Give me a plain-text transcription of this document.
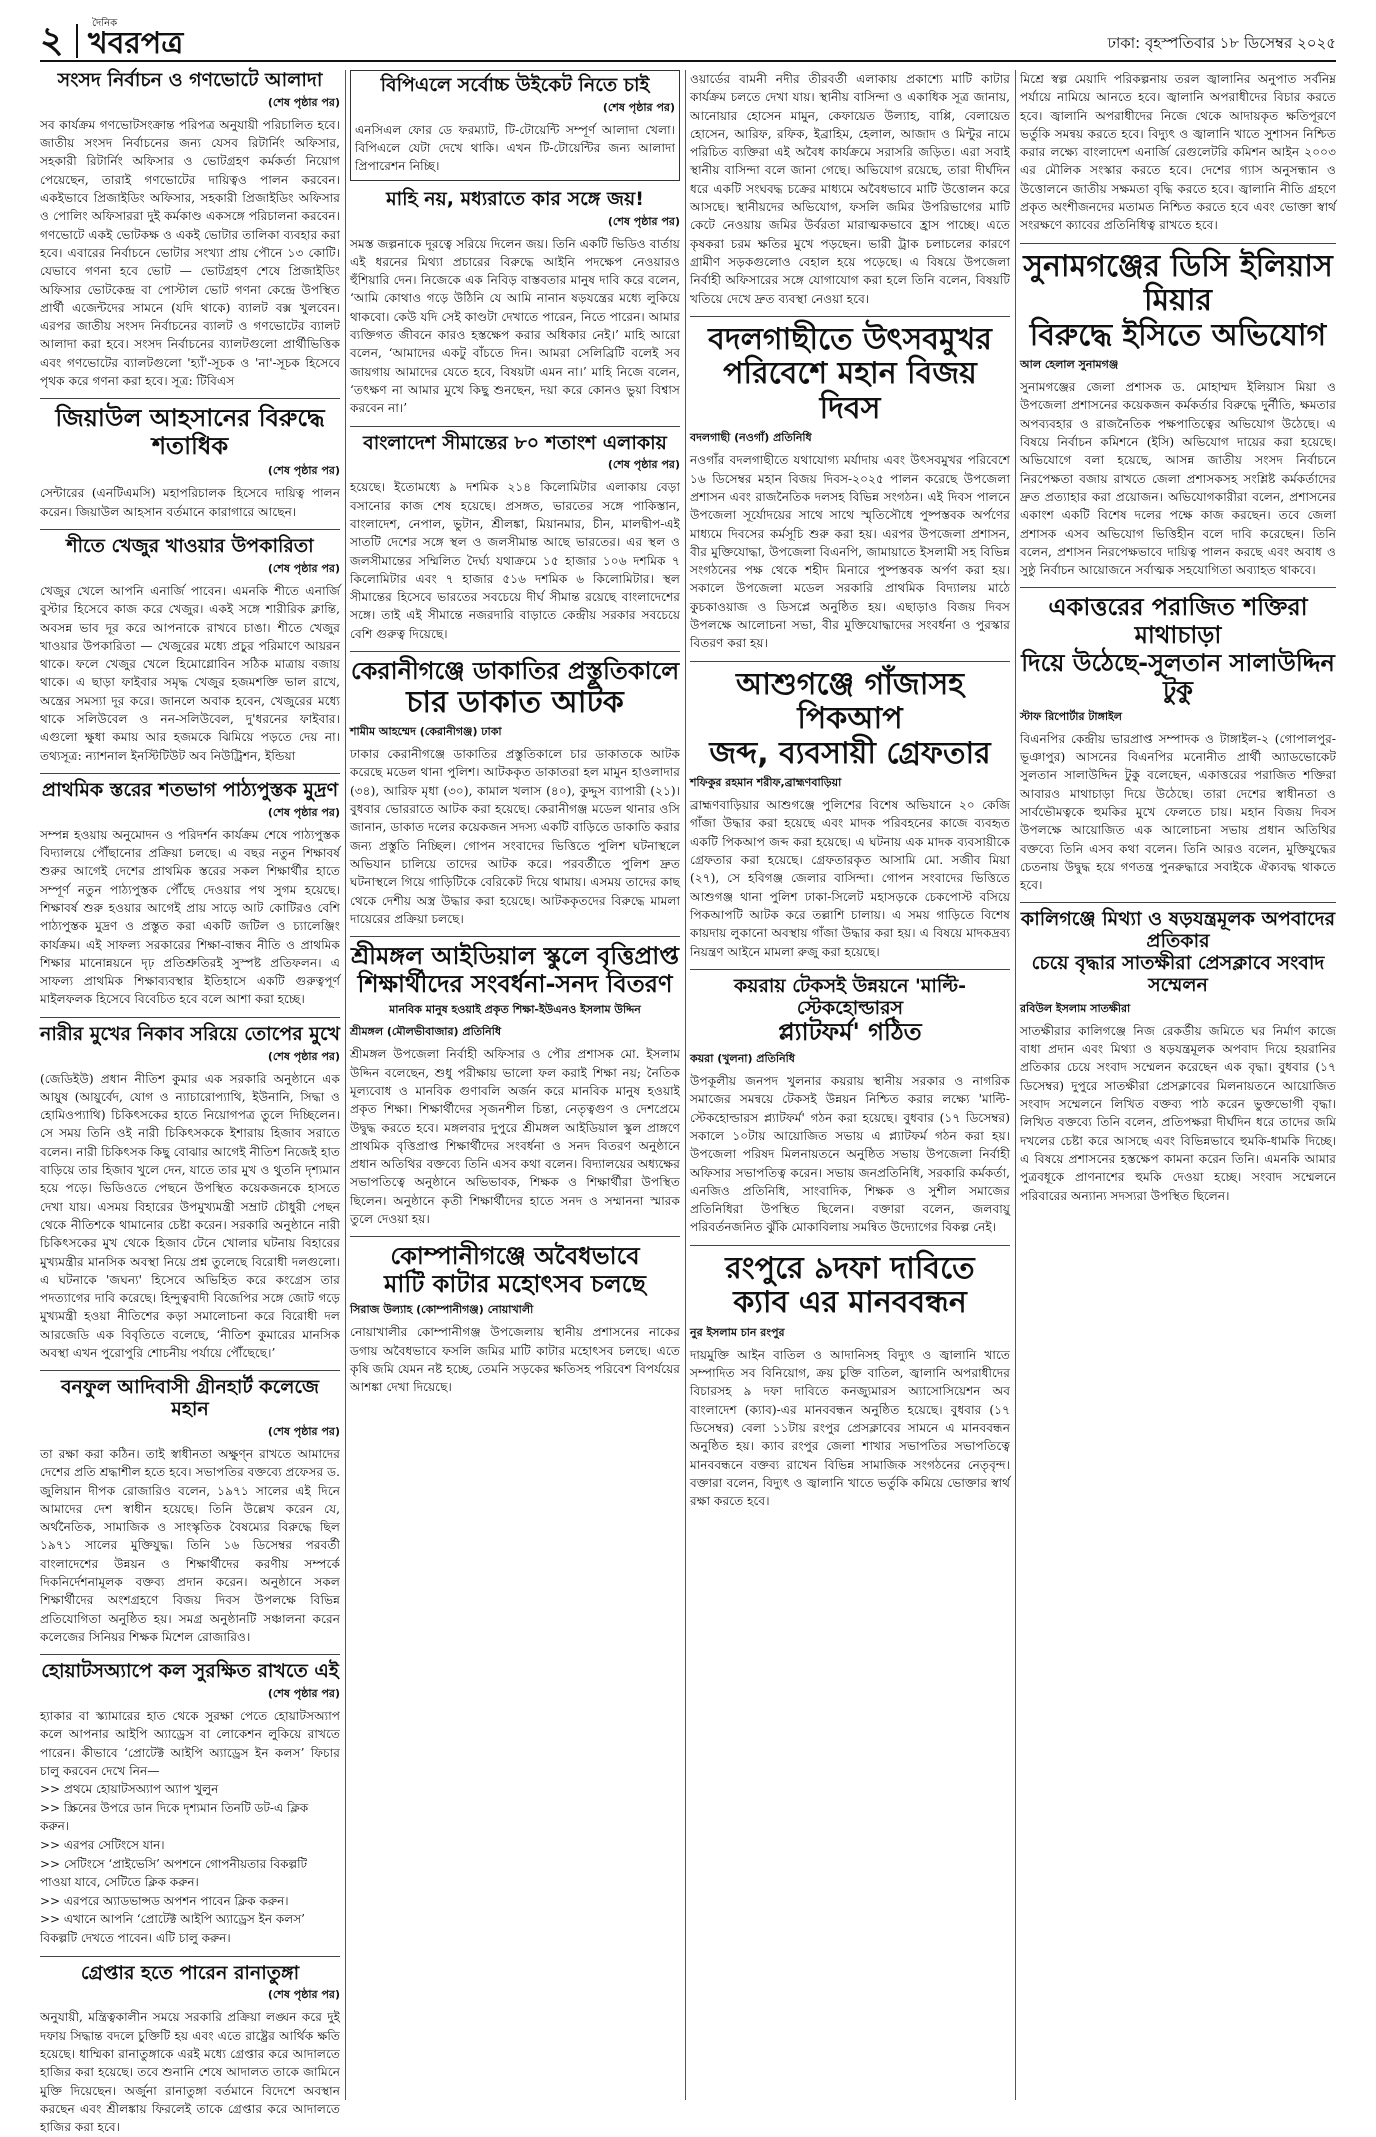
২	দৈনিক
খবরপত্র	ঢাকা: বৃহস্পতিবার ১৮ ডিসেম্বর ২০২৫
সংসদ নির্বাচন ও গণভোটে আলাদা
(শেষ পৃষ্ঠার পর)

সব কার্যক্রম গণভোটসংক্রান্ত পরিপত্র অনুযায়ী পরিচালিত হবে। জাতীয় সংসদ নির্বাচনের জন্য যেসব রিটার্নিং অফিসার, সহকারী রিটার্নিং অফিসার ও ভোটগ্রহণ কর্মকর্তা নিয়োগ পেয়েছেন, তারাই গণভোটের দায়িত্বও পালন করবেন। একইভাবে প্রিজাইডিং অফিসার, সহকারী প্রিজাইডিং অফিসার ও পোলিং অফিসাররা দুই কর্মকাণ্ড একসঙ্গে পরিচালনা করবেন। গণভোটে একই ভোটকক্ষ ও একই ভোটার তালিকা ব্যবহার করা হবে। এবারের নির্বাচনে ভোটার সংখ্যা প্রায় পৌনে ১৩ কোটি। যেভাবে গণনা হবে ভোট — ভোটগ্রহণ শেষে প্রিজাইডিং অফিসার ভোটকেন্দ্র বা পোস্টাল ভোট গণনা কেন্দ্রে উপস্থিত প্রার্থী এজেন্টদের সামনে (যদি থাকে) ব্যালট বক্স খুলবেন। এরপর জাতীয় সংসদ নির্বাচনের ব্যালট ও গণভোটের ব্যালট আলাদা করা হবে। সংসদ নির্বাচনের ব্যালটগুলো প্রার্থীভিত্তিক এবং গণভোটের ব্যালটগুলো 'হ্যাঁ'-সূচক ও 'না'-সূচক হিসেবে পৃথক করে গণনা করা হবে। সূত্র: টিবিএস

জিয়াউল আহসানের বিরুদ্ধে শতাধিক
(শেষ পৃষ্ঠার পর)

সেন্টারের (এনটিএমসি) মহাপরিচালক হিসেবে দায়িত্ব পালন করেন। জিয়াউল আহসান বর্তমানে কারাগারে আছেন।

শীতে খেজুর খাওয়ার উপকারিতা
(শেষ পৃষ্ঠার পর)

খেজুর খেলে আপনি এনার্জি পাবেন। এমনকি শীতে এনার্জি বুস্টার হিসেবে কাজ করে খেজুর। একই সঙ্গে শারীরিক ক্লান্তি, অবসন্ন ভাব দূর করে আপনাকে রাখবে চাঙা। শীতে খেজুর খাওয়ার উপকারিতা — খেজুরের মধ্যে প্রচুর পরিমাণে আয়রন থাকে। ফলে খেজুর খেলে হিমোগ্লোবিন সঠিক মাত্রায় বজায় থাকে। এ ছাড়া ফাইবার সমৃদ্ধ খেজুর হজমশক্তি ভাল রাখে, অন্ত্রের সমস্যা দূর করে। জানলে অবাক হবেন, খেজুরের মধ্যে থাকে সলিউবেল ও নন-সলিউবেল, দু'ধরনের ফাইবার। এগুলো ক্ষুধা কমায় আর হজমকে ঝিমিয়ে পড়তে দেয় না। তথ্যসূত্র: ন্যাশনাল ইনস্টিটিউট অব নিউট্রিশন, ইন্ডিয়া

প্রাথমিক স্তরের শতভাগ পাঠ্যপুস্তক মুদ্রণ
(শেষ পৃষ্ঠার পর)

সম্পন্ন হওয়ায় অনুমোদন ও পরিদর্শন কার্যক্রম শেষে পাঠ্যপুস্তক বিদ্যালয়ে পৌঁছানোর প্রক্রিয়া চলছে। এ বছর নতুন শিক্ষাবর্ষ শুরুর আগেই দেশের প্রাথমিক স্তরের সকল শিক্ষার্থীর হাতে সম্পূর্ণ নতুন পাঠ্যপুস্তক পৌঁছে দেওয়ার পথ সুগম হয়েছে। শিক্ষাবর্ষ শুরু হওয়ার আগেই প্রায় সাড়ে আট কোটিরও বেশি পাঠ্যপুস্তক মুদ্রণ ও প্রস্তুত করা একটি জটিল ও চ্যালেঞ্জিং কার্যক্রম। এই সাফল্য সরকারের শিক্ষা-বান্ধব নীতি ও প্রাথমিক শিক্ষার মানোন্নয়নে দৃঢ় প্রতিশ্রুতিরই সুস্পষ্ট প্রতিফলন। এ সাফল্য প্রাথমিক শিক্ষাব্যবস্থার ইতিহাসে একটি গুরুত্বপূর্ণ মাইলফলক হিসেবে বিবেচিত হবে বলে আশা করা হচ্ছে।

নারীর মুখের নিকাব সরিয়ে তোপের মুখে
(শেষ পৃষ্ঠার পর)

(জেডিইউ) প্রধান নীতিশ কুমার এক সরকারি অনুষ্ঠানে এক আয়ুষ (আয়ুর্বেদ, যোগ ও ন্যাচারোপ্যাথি, ইউনানি, সিদ্ধা ও হোমিওপ্যাথি) চিকিৎসকের হাতে নিয়োগপত্র তুলে দিচ্ছিলেন। সে সময় তিনি ওই নারী চিকিৎসককে ইশারায় হিজাব সরাতে বলেন। নারী চিকিৎসক কিছু বোঝার আগেই নীতিশ নিজেই হাত বাড়িয়ে তার হিজাব খুলে দেন, যাতে তার মুখ ও থুতনি দৃশ্যমান হয়ে পড়ে। ভিডিওতে পেছনে উপস্থিত কয়েকজনকে হাসতে দেখা যায়। এসময় বিহারের উপমুখ্যমন্ত্রী সম্রাট চৌধুরী পেছন থেকে নীতিশকে থামানোর চেষ্টা করেন। সরকারি অনুষ্ঠানে নারী চিকিৎসকের মুখ থেকে হিজাব টেনে খোলার ঘটনায় বিহারের মুখ্যমন্ত্রীর মানসিক অবস্থা নিয়ে প্রশ্ন তুলেছে বিরোধী দলগুলো। এ ঘটনাকে 'জঘন্য' হিসেবে অভিহিত করে কংগ্রেস তার পদত্যাগের দাবি করেছে। হিন্দুত্ববাদী বিজেপির সঙ্গে জোট গড়ে মুখ্যমন্ত্রী হওয়া নীতিশের কড়া সমালোচনা করে বিরোধী দল আরজেডি এক বিবৃতিতে বলেছে, ‘নীতিশ কুমারের মানসিক অবস্থা এখন পুরোপুরি শোচনীয় পর্যায়ে পৌঁছেছে।’

বনফুল আদিবাসী গ্রীনহার্ট কলেজে মহান
(শেষ পৃষ্ঠার পর)

তা রক্ষা করা কঠিন। তাই স্বাধীনতা অক্ষুণ্ন রাখতে আমাদের দেশের প্রতি শ্রদ্ধাশীল হতে হবে। সভাপতির বক্তব্যে প্রফেসর ড. জুলিয়ান দীপক রোজারিও বলেন, ১৯৭১ সালের এই দিনে আমাদের দেশ স্বাধীন হয়েছে। তিনি উল্লেখ করেন যে, অর্থনৈতিক, সামাজিক ও সাংস্কৃতিক বৈষম্যের বিরুদ্ধে ছিল ১৯৭১ সালের মুক্তিযুদ্ধ। তিনি ১৬ ডিসেম্বর পরবর্তী বাংলাদেশের উন্নয়ন ও শিক্ষার্থীদের করণীয় সম্পর্কে দিকনির্দেশনামূলক বক্তব্য প্রদান করেন। অনুষ্ঠানে সকল শিক্ষার্থীদের অংশগ্রহণে বিজয় দিবস উপলক্ষে বিভিন্ন প্রতিযোগিতা অনুষ্ঠিত হয়। সমগ্র অনুষ্ঠানটি সঞ্চালনা করেন কলেজের সিনিয়র শিক্ষক মিশেল রোজারিও।

হোয়াটসঅ্যাপে কল সুরক্ষিত রাখতে এই
(শেষ পৃষ্ঠার পর)

হ্যাকার বা স্ক্যামারের হাত থেকে সুরক্ষা পেতে হোয়াটসঅ্যাপ কলে আপনার আইপি অ্যাড্রেস বা লোকেশন লুকিয়ে রাখতে পারেন। কীভাবে ‘প্রোটেক্ট আইপি অ্যাড্রেস ইন কলস’ ফিচার চালু করবেন দেখে নিন—

>> প্রথমে হোয়াটসঅ্যাপ অ্যাপ খুলুন
>> স্ক্রিনের উপরে ডান দিকে দৃশ্যমান তিনটি ডট-এ ক্লিক করুন।
>> এরপর সেটিংসে যান।
>> সেটিংসে ‘প্রাইভেসি’ অপশনে গোপনীয়তার বিকল্পটি পাওয়া যাবে, সেটিতে ক্লিক করুন।
>> এরপরে অ্যাডভান্সড অপশন পাবেন ক্লিক করুন।
>> এখানে আপনি ‘প্রোটেক্ট আইপি অ্যাড্রেস ইন কলস’ বিকল্পটি দেখতে পাবেন। এটি চালু করুন।
গ্রেপ্তার হতে পারেন রানাতুঙ্গা
(শেষ পৃষ্ঠার পর)

অনুযায়ী, মন্ত্রিত্বকালীন সময়ে সরকারি প্রক্রিয়া লঙ্ঘন করে দুই দফায় সিদ্ধান্ত বদলে চুক্তিটি হয় এবং এতে রাষ্ট্রের আর্থিক ক্ষতি হয়েছে। ধাম্মিকা রানাতুঙ্গাকে এরই মধ্যে গ্রেপ্তার করে আদালতে হাজির করা হয়েছে। তবে শুনানি শেষে আদালত তাকে জামিনে মুক্তি দিয়েছেন। অর্জুনা রানাতুঙ্গা বর্তমানে বিদেশে অবস্থান করছেন এবং শ্রীলঙ্কায় ফিরলেই তাকে গ্রেপ্তার করে আদালতে হাজির করা হবে।

বিপিএলে সর্বোচ্চ উইকেট নিতে চাই
(শেষ পৃষ্ঠার পর)

এনসিএল ফোর ডে ফরম্যাট, টি-টোয়েন্টি সম্পূর্ণ আলাদা খেলা। বিপিএলে যেটা দেখে থাকি। এখন টি-টোয়েন্টির জন্য আলাদা প্রিপারেশন নিচ্ছি।

মাহি নয়, মধ্যরাতে কার সঙ্গে জয়!
(শেষ পৃষ্ঠার পর)

সমস্ত জল্পনাকে দূরত্বে সরিয়ে দিলেন জয়। তিনি একটি ভিডিও বার্তায় এই ধরনের মিথ্যা প্রচারের বিরুদ্ধে আইনি পদক্ষেপ নেওয়ারও হুঁশিয়ারি দেন। নিজেকে এক নিবিড় বাস্তবতার মানুষ দাবি করে বলেন, ‘আমি কোথাও গড়ে উঠিনি যে আমি নানান ষড়যন্ত্রের মধ্যে লুকিয়ে থাকবো। কেউ যদি সেই কাণ্ডটা দেখাতে পারেন, নিতে পারেন। আমার ব্যক্তিগত জীবনে কারও হস্তক্ষেপ করার অধিকার নেই।’ মাহি আরো বলেন, ‘আমাদের একটু বাঁচতে দিন। আমরা সেলিব্রিটি বলেই সব জায়গায় আমাদের যেতে হবে, বিষয়টা এমন না।’ মাহি নিজে বলেন, ‘তৎক্ষণ না আমার মুখে কিছু শুনছেন, দয়া করে কোনও ভুয়া বিশ্বাস করবেন না।’

বাংলাদেশ সীমান্তের ৮০ শতাংশ এলাকায়
(শেষ পৃষ্ঠার পর)

হয়েছে। ইতোমধ্যে ৯ দশমিক ২১৪ কিলোমিটার এলাকায় বেড়া বসানোর কাজ শেষ হয়েছে। প্রসঙ্গত, ভারতের সঙ্গে পাকিস্তান, বাংলাদেশ, নেপাল, ভুটান, শ্রীলঙ্কা, মিয়ানমার, চীন, মালদ্বীপ-এই সাতটি দেশের সঙ্গে স্থল ও জলসীমান্ত আছে ভারতের। এর স্থল ও জলসীমান্তের সম্মিলিত দৈর্ঘ্য যথাক্রমে ১৫ হাজার ১০৬ দশমিক ৭ কিলোমিটার এবং ৭ হাজার ৫১৬ দশমিক ৬ কিলোমিটার। স্থল সীমান্তের হিসেবে ভারতের সবচেয়ে দীর্ঘ সীমান্ত রয়েছে বাংলাদেশের সঙ্গে। তাই এই সীমান্তে নজরদারি বাড়াতে কেন্দ্রীয় সরকার সবচেয়ে বেশি গুরুত্ব দিয়েছে।

কেরানীগঞ্জে ডাকাতির প্রস্তুতিকালে
চার ডাকাত আটক
শামীম আহম্মেদ (কেরানীগঞ্জ) ঢাকা

ঢাকার কেরানীগঞ্জে ডাকাতির প্রস্তুতিকালে চার ডাকাতকে আটক করেছে মডেল থানা পুলিশ। আটককৃত ডাকাতরা হল মামুন হাওলাদার (৩৪), আরিফ মৃধা (৩০), কামাল খলাস (৪০), কুদ্দুস ব্যাপারী (২১)। বুধবার ভোররাতে আটক করা হয়েছে। কেরানীগঞ্জ মডেল থানার ওসি জানান, ডাকাত দলের কয়েকজন সদস্য একটি বাড়িতে ডাকাতি করার জন্য প্রস্তুতি নিচ্ছিল। গোপন সংবাদের ভিত্তিতে পুলিশ ঘটনাস্থলে অভিযান চালিয়ে তাদের আটক করে। পরবর্তীতে পুলিশ দ্রুত ঘটনাস্থলে গিয়ে গাড়িটিকে বেরিকেট দিয়ে থামায়। এসময় তাদের কাছ থেকে দেশীয় অস্ত্র উদ্ধার করা হয়েছে। আটককৃতদের বিরুদ্ধে মামলা দায়েরের প্রক্রিয়া চলছে।

শ্রীমঙ্গল আইডিয়াল স্কুলে বৃত্তিপ্রাপ্ত
শিক্ষার্থীদের সংবর্ধনা-সনদ বিতরণ
মানবিক মানুষ হওয়াই প্রকৃত শিক্ষা-ইউএনও ইসলাম উদ্দিন
শ্রীমঙ্গল (মৌলভীবাজার) প্রতিনিধি

শ্রীমঙ্গল উপজেলা নির্বাহী অফিসার ও পৌর প্রশাসক মো. ইসলাম উদ্দিন বলেছেন, শুধু পরীক্ষায় ভালো ফল করাই শিক্ষা নয়; নৈতিক মূল্যবোধ ও মানবিক গুণাবলি অর্জন করে মানবিক মানুষ হওয়াই প্রকৃত শিক্ষা। শিক্ষার্থীদের সৃজনশীল চিন্তা, নেতৃত্বগুণ ও দেশপ্রেমে উদ্বুদ্ধ করতে হবে। মঙ্গলবার দুপুরে শ্রীমঙ্গল আইডিয়াল স্কুল প্রাঙ্গণে প্রাথমিক বৃত্তিপ্রাপ্ত শিক্ষার্থীদের সংবর্ধনা ও সনদ বিতরণ অনুষ্ঠানে প্রধান অতিথির বক্তব্যে তিনি এসব কথা বলেন। বিদ্যালয়ের অধ্যক্ষের সভাপতিত্বে অনুষ্ঠানে অভিভাবক, শিক্ষক ও শিক্ষার্থীরা উপস্থিত ছিলেন। অনুষ্ঠানে কৃতী শিক্ষার্থীদের হাতে সনদ ও সম্মাননা স্মারক তুলে দেওয়া হয়।

কোম্পানীগঞ্জে অবৈধভাবে
মাটি কাটার মহোৎসব চলছে
সিরাজ উল্যাহ (কোম্পানীগঞ্জ) নোয়াখালী

নোয়াখালীর কোম্পানীগঞ্জ উপজেলায় স্থানীয় প্রশাসনের নাকের ডগায় অবৈধভাবে ফসলি জমির মাটি কাটার মহোৎসব চলছে। এতে কৃষি জমি যেমন নষ্ট হচ্ছে, তেমনি সড়কের ক্ষতিসহ পরিবেশ বিপর্যয়ের আশঙ্কা দেখা দিয়েছে।

ওয়ার্ডের বামনী নদীর তীরবর্তী এলাকায় প্রকাশ্যে মাটি কাটার কার্যক্রম চলতে দেখা যায়। স্থানীয় বাসিন্দা ও একাধিক সূত্র জানায়, আনোয়ার হোসেন মামুন, কেফায়েত উল্যাহ, বাপ্পি, বেলায়েত হোসেন, আরিফ, রফিক, ইব্রাহিম, হেলাল, আজাদ ও মিন্টুর নামে পরিচিত ব্যক্তিরা এই অবৈধ কার্যক্রমে সরাসরি জড়িত। এরা সবাই স্থানীয় বাসিন্দা বলে জানা গেছে। অভিযোগ রয়েছে, তারা দীর্ঘদিন ধরে একটি সংঘবদ্ধ চক্রের মাধ্যমে অবৈধভাবে মাটি উত্তোলন করে আসছে। স্থানীয়দের অভিযোগ, ফসলি জমির উপরিভাগের মাটি কেটে নেওয়ায় জমির উর্বরতা মারাত্মকভাবে হ্রাস পাচ্ছে। এতে কৃষকরা চরম ক্ষতির মুখে পড়ছেন। ভারী ট্রাক চলাচলের কারণে গ্রামীণ সড়কগুলোও বেহাল হয়ে পড়েছে। এ বিষয়ে উপজেলা নির্বাহী অফিসারের সঙ্গে যোগাযোগ করা হলে তিনি বলেন, বিষয়টি খতিয়ে দেখে দ্রুত ব্যবস্থা নেওয়া হবে।

বদলগাছীতে উৎসবমুখর
পরিবেশে মহান বিজয় দিবস
বদলগাছী (নওগাঁ) প্রতিনিধি

নওগাঁর বদলগাছীতে যথাযোগ্য মর্যাদায় এবং উৎসবমুখর পরিবেশে ১৬ ডিসেম্বর মহান বিজয় দিবস-২০২৫ পালন করেছে উপজেলা প্রশাসন এবং রাজনৈতিক দলসহ বিভিন্ন সংগঠন। এই দিবস পালনে উপজেলা সূর্যোদয়ের সাথে সাথে স্মৃতিসৌধে পুষ্পস্তবক অর্পণের মাধ্যমে দিবসের কর্মসূচি শুরু করা হয়। এরপর উপজেলা প্রশাসন, বীর মুক্তিযোদ্ধা, উপজেলা বিএনপি, জামায়াতে ইসলামী সহ বিভিন্ন সংগঠনের পক্ষ থেকে শহীদ মিনারে পুষ্পস্তবক অর্পণ করা হয়। সকালে উপজেলা মডেল সরকারি প্রাথমিক বিদ্যালয় মাঠে কুচকাওয়াজ ও ডিসপ্লে অনুষ্ঠিত হয়। এছাড়াও বিজয় দিবস উপলক্ষে আলোচনা সভা, বীর মুক্তিযোদ্ধাদের সংবর্ধনা ও পুরস্কার বিতরণ করা হয়।

আশুগঞ্জে গাঁজাসহ পিকআপ
জব্দ, ব্যবসায়ী গ্রেফতার
শফিকুর রহমান শরীফ,ব্রাহ্মণবাড়িয়া

ব্রাহ্মণবাড়িয়ার আশুগঞ্জে পুলিশের বিশেষ অভিযানে ২০ কেজি গাঁজা উদ্ধার করা হয়েছে এবং মাদক পরিবহনের কাজে ব্যবহৃত একটি পিকআপ জব্দ করা হয়েছে। এ ঘটনায় এক মাদক ব্যবসায়ীকে গ্রেফতার করা হয়েছে। গ্রেফতারকৃত আসামি মো. সজীব মিয়া (২৭), সে হবিগঞ্জ জেলার বাসিন্দা। গোপন সংবাদের ভিত্তিতে আশুগঞ্জ থানা পুলিশ ঢাকা-সিলেট মহাসড়কে চেকপোস্ট বসিয়ে পিকআপটি আটক করে তল্লাশি চালায়। এ সময় গাড়িতে বিশেষ কায়দায় লুকানো অবস্থায় গাঁজা উদ্ধার করা হয়। এ বিষয়ে মাদকদ্রব্য নিয়ন্ত্রণ আইনে মামলা রুজু করা হয়েছে।

কয়রায় টেকসই উন্নয়নে 'মাল্টি-স্টেকহোল্ডারস
প্ল্যাটফর্ম' গঠিত
কয়রা (খুলনা) প্রতিনিধি

উপকূলীয় জনপদ খুলনার কয়রায় স্থানীয় সরকার ও নাগরিক সমাজের সমন্বয়ে টেকসই উন্নয়ন নিশ্চিত করার লক্ষ্যে 'মাল্টি-স্টেকহোল্ডারস প্ল্যাটফর্ম' গঠন করা হয়েছে। বুধবার (১৭ ডিসেম্বর) সকালে ১০টায় আয়োজিত সভায় এ প্ল্যাটফর্ম গঠন করা হয়। উপজেলা পরিষদ মিলনায়তনে অনুষ্ঠিত সভায় উপজেলা নির্বাহী অফিসার সভাপতিত্ব করেন। সভায় জনপ্রতিনিধি, সরকারি কর্মকর্তা, এনজিও প্রতিনিধি, সাংবাদিক, শিক্ষক ও সুশীল সমাজের প্রতিনিধিরা উপস্থিত ছিলেন। বক্তারা বলেন, জলবায়ু পরিবর্তনজনিত ঝুঁকি মোকাবিলায় সমন্বিত উদ্যোগের বিকল্প নেই।

রংপুরে ৯দফা দাবিতে
ক্যাব এর মানববন্ধন
নুর ইসলাম চান রংপুর

দায়মুক্তি আইন বাতিল ও আদানিসহ বিদ্যুৎ ও জ্বালানি খাতে সম্পাদিত সব বিনিয়োগ, ক্রয় চুক্তি বাতিল, জ্বালানি অপরাধীদের বিচারসহ ৯ দফা দাবিতে কনজ্যুমারস অ্যাসোসিয়েশন অব বাংলাদেশ (ক্যাব)-এর মানববন্ধন অনুষ্ঠিত হয়েছে। বুধবার (১৭ ডিসেম্বর) বেলা ১১টায় রংপুর প্রেসক্লাবের সামনে এ মানববন্ধন অনুষ্ঠিত হয়। ক্যাব রংপুর জেলা শাখার সভাপতির সভাপতিত্বে মানববন্ধনে বক্তব্য রাখেন বিভিন্ন সামাজিক সংগঠনের নেতৃবৃন্দ। বক্তারা বলেন, বিদ্যুৎ ও জ্বালানি খাতে ভর্তুকি কমিয়ে ভোক্তার স্বার্থ রক্ষা করতে হবে।

মিশ্রে স্বল্প মেয়াদি পরিকল্পনায় তরল জ্বালানির অনুপাত সর্বনিম্ন পর্যায়ে নামিয়ে আনতে হবে। জ্বালানি অপরাধীদের বিচার করতে হবে। জ্বালানি অপরাধীদের নিজে থেকে আদায়কৃত ক্ষতিপূরণে ভর্তুকি সমন্বয় করতে হবে। বিদ্যুৎ ও জ্বালানি খাতে সুশাসন নিশ্চিত করার লক্ষ্যে বাংলাদেশ এনার্জি রেগুলেটরি কমিশন আইন ২০০৩ এর মৌলিক সংস্কার করতে হবে। দেশের গ্যাস অনুসন্ধান ও উত্তোলনে জাতীয় সক্ষমতা বৃদ্ধি করতে হবে। জ্বালানি নীতি গ্রহণে প্রকৃত অংশীজনদের মতামত নিশ্চিত করতে হবে এবং ভোক্তা স্বার্থ সংরক্ষণে ক্যাবের প্রতিনিধিত্ব রাখতে হবে।

সুনামগঞ্জের ডিসি ইলিয়াস মিয়ার
বিরুদ্ধে ইসিতে অভিযোগ
আল হেলাল সুনামগঞ্জ

সুনামগঞ্জের জেলা প্রশাসক ড. মোহাম্মদ ইলিয়াস মিয়া ও উপজেলা প্রশাসনের কয়েকজন কর্মকর্তার বিরুদ্ধে দুর্নীতি, ক্ষমতার অপব্যবহার ও রাজনৈতিক পক্ষপাতিত্বের অভিযোগ উঠেছে। এ বিষয়ে নির্বাচন কমিশনে (ইসি) অভিযোগ দায়ের করা হয়েছে। অভিযোগে বলা হয়েছে, আসন্ন জাতীয় সংসদ নির্বাচনে নিরপেক্ষতা বজায় রাখতে জেলা প্রশাসকসহ সংশ্লিষ্ট কর্মকর্তাদের দ্রুত প্রত্যাহার করা প্রয়োজন। অভিযোগকারীরা বলেন, প্রশাসনের একাংশ একটি বিশেষ দলের পক্ষে কাজ করছেন। তবে জেলা প্রশাসক এসব অভিযোগ ভিত্তিহীন বলে দাবি করেছেন। তিনি বলেন, প্রশাসন নিরপেক্ষভাবে দায়িত্ব পালন করছে এবং অবাধ ও সুষ্ঠু নির্বাচন আয়োজনে সর্বাত্মক সহযোগিতা অব্যাহত থাকবে।

একাত্তরের পরাজিত শক্তিরা মাথাচাড়া
দিয়ে উঠেছে-সুলতান সালাউদ্দিন টুকু
স্টাফ রিপোর্টার টাঙ্গাইল

বিএনপির কেন্দ্রীয় ভারপ্রাপ্ত সম্পাদক ও টাঙ্গাইল-২ (গোপালপুর-ভূঞাপুর) আসনের বিএনপির মনোনীত প্রার্থী অ্যাডভোকেট সুলতান সালাউদ্দিন টুকু বলেছেন, একাত্তরের পরাজিত শক্তিরা আবারও মাথাচাড়া দিয়ে উঠেছে। তারা দেশের স্বাধীনতা ও সার্বভৌমত্বকে হুমকির মুখে ফেলতে চায়। মহান বিজয় দিবস উপলক্ষে আয়োজিত এক আলোচনা সভায় প্রধান অতিথির বক্তব্যে তিনি এসব কথা বলেন। তিনি আরও বলেন, মুক্তিযুদ্ধের চেতনায় উদ্বুদ্ধ হয়ে গণতন্ত্র পুনরুদ্ধারে সবাইকে ঐক্যবদ্ধ থাকতে হবে।

কালিগঞ্জে মিথ্যা ও ষড়যন্ত্রমূলক অপবাদের প্রতিকার
চেয়ে বৃদ্ধার সাতক্ষীরা প্রেসক্লাবে সংবাদ সম্মেলন
রবিউল ইসলাম সাতক্ষীরা

সাতক্ষীরার কালিগঞ্জে নিজ রেকর্ডীয় জমিতে ঘর নির্মাণ কাজে বাধা প্রদান এবং মিথ্যা ও ষড়যন্ত্রমূলক অপবাদ দিয়ে হয়রানির প্রতিকার চেয়ে সংবাদ সম্মেলন করেছেন এক বৃদ্ধা। বুধবার (১৭ ডিসেম্বর) দুপুরে সাতক্ষীরা প্রেসক্লাবের মিলনায়তনে আয়োজিত সংবাদ সম্মেলনে লিখিত বক্তব্য পাঠ করেন ভুক্তভোগী বৃদ্ধা। লিখিত বক্তব্যে তিনি বলেন, প্রতিপক্ষরা দীর্ঘদিন ধরে তাদের জমি দখলের চেষ্টা করে আসছে এবং বিভিন্নভাবে হুমকি-ধামকি দিচ্ছে। এ বিষয়ে প্রশাসনের হস্তক্ষেপ কামনা করেন তিনি। এমনকি আমার পুত্রবধূকে প্রাণনাশের হুমকি দেওয়া হচ্ছে। সংবাদ সম্মেলনে পরিবারের অন্যান্য সদস্যরা উপস্থিত ছিলেন।
